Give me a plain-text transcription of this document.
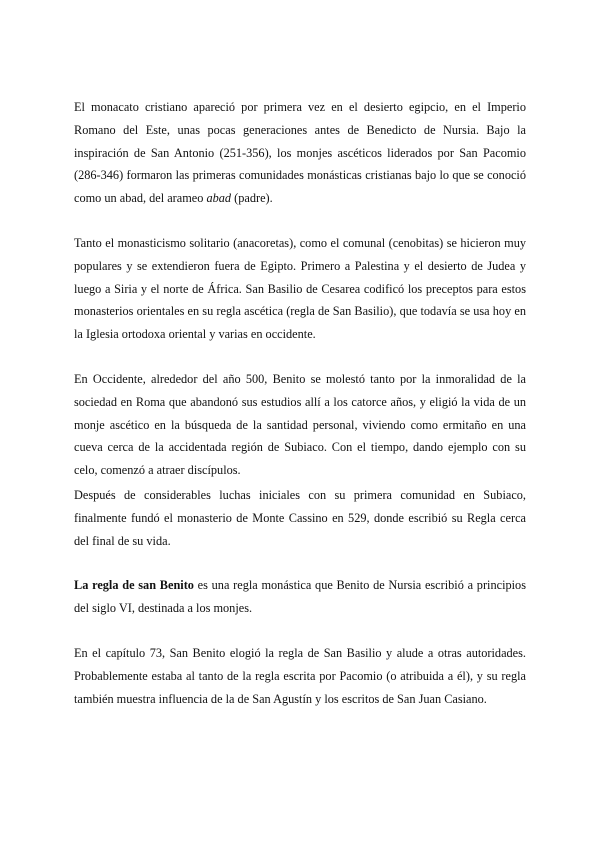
El monacato cristiano apareció por primera vez en el desierto egipcio, en el Imperio Romano del Este, unas pocas generaciones antes de Benedicto de Nursia. Bajo la inspiración de San Antonio (251-356), los monjes ascéticos liderados por San Pacomio (286-346) formaron las primeras comunidades monásticas cristianas bajo lo que se conoció como un abad, del arameo abad (padre).

Tanto el monasticismo solitario (anacoretas), como el comunal (cenobitas) se hicieron muy populares y se extendieron fuera de Egipto. Primero a Palestina y el desierto de Judea y luego a Siria y el norte de África. San Basilio de Cesarea codificó los preceptos para estos monasterios orientales en su regla ascética (regla de San Basilio), que todavía se usa hoy en la Iglesia ortodoxa oriental y varias en occidente.

En Occidente, alrededor del año 500, Benito se molestó tanto por la inmoralidad de la sociedad en Roma que abandonó sus estudios allí a los catorce años, y eligió la vida de un monje ascético en la búsqueda de la santidad personal, viviendo como ermitaño en una cueva cerca de la accidentada región de Subiaco. Con el tiempo, dando ejemplo con su celo, comenzó a atraer discípulos.

Después de considerables luchas iniciales con su primera comunidad en Subiaco, finalmente fundó el monasterio de Monte Cassino en 529, donde escribió su Regla cerca del final de su vida.

La regla de san Benito es una regla monástica que Benito de Nursia escribió a principios del siglo VI, destinada a los monjes.

En el capítulo 73, San Benito elogió la regla de San Basilio y alude a otras autoridades. Probablemente estaba al tanto de la regla escrita por Pacomio (o atribuida a él), y su regla también muestra influencia de la de San Agustín y los escritos de San Juan Casiano.
